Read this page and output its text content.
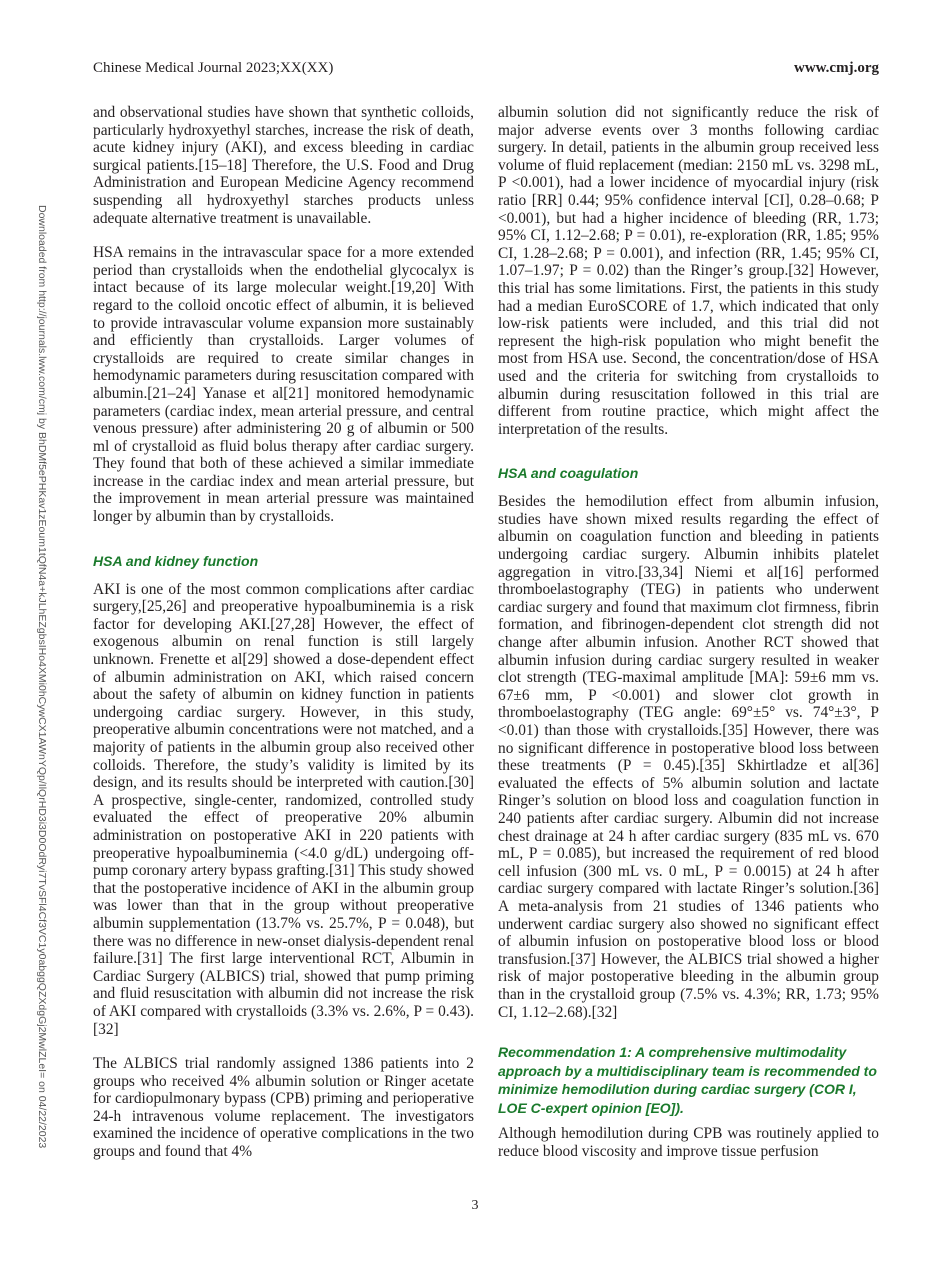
Chinese Medical Journal 2023;XX(XX)	www.cmj.org
Downloaded from http://journals.lww.com/cmj by BhDMf5ePHKav1zEoum1tQfN4a+kJLhEZgbsIHo4XMi0hCywCX1AWnYQp/IlQrHD3i3D0OdRyi7TvSFl4Cf3VC1y0abggQZXdgGj2MwlZLeI= on 04/22/2023

and observational studies have shown that synthetic colloids, particularly hydroxyethyl starches, increase the risk of death, acute kidney injury (AKI), and excess bleeding in cardiac surgical patients.[15–18] Therefore, the U.S. Food and Drug Administration and European Medicine Agency recommend suspending all hydroxyethyl starches products unless adequate alternative treatment is unavailable.

HSA remains in the intravascular space for a more extended period than crystalloids when the endothelial glycocalyx is intact because of its large molecular weight.[19,20] With regard to the colloid oncotic effect of albumin, it is believed to provide intravascular volume expansion more sustainably and efficiently than crystalloids. Larger volumes of crystalloids are required to create similar changes in hemodynamic parameters during resuscitation compared with albumin.[21–24] Yanase et al[21] monitored hemodynamic parameters (cardiac index, mean arterial pressure, and central venous pressure) after administering 20 g of albumin or 500 ml of crystalloid as fluid bolus therapy after cardiac surgery. They found that both of these achieved a similar immediate increase in the cardiac index and mean arterial pressure, but the improvement in mean arterial pressure was maintained longer by albumin than by crystalloids.

HSA and kidney function

AKI is one of the most common complications after cardiac surgery,[25,26] and preoperative hypoalbuminemia is a risk factor for developing AKI.[27,28] However, the effect of exogenous albumin on renal function is still largely unknown. Frenette et al[29] showed a dose-dependent effect of albumin administration on AKI, which raised concern about the safety of albumin on kidney function in patients undergoing cardiac surgery. However, in this study, preoperative albumin concentrations were not matched, and a majority of patients in the albumin group also received other colloids. Therefore, the study’s validity is limited by its design, and its results should be interpreted with caution.[30] A prospective, single-center, randomized, controlled study evaluated the effect of preoperative 20% albumin administration on postoperative AKI in 220 patients with preoperative hypoalbuminemia (<4.0 g/dL) undergoing off-pump coronary artery bypass grafting.[31] This study showed that the postoperative incidence of AKI in the albumin group was lower than that in the group without preoperative albumin supplementation (13.7% vs. 25.7%, P = 0.048), but there was no difference in new-onset dialysis-dependent renal failure.[31] The first large interventional RCT, Albumin in Cardiac Surgery (ALBICS) trial, showed that pump priming and fluid resuscitation with albumin did not increase the risk of AKI compared with crystalloids (3.3% vs. 2.6%, P = 0.43).[32]

The ALBICS trial randomly assigned 1386 patients into 2 groups who received 4% albumin solution or Ringer acetate for cardiopulmonary bypass (CPB) priming and perioperative 24-h intravenous volume replacement. The investigators examined the incidence of operative complications in the two groups and found that 4%

albumin solution did not significantly reduce the risk of major adverse events over 3 months following cardiac surgery. In detail, patients in the albumin group received less volume of fluid replacement (median: 2150 mL vs. 3298 mL, P <0.001), had a lower incidence of myocardial injury (risk ratio [RR] 0.44; 95% confidence interval [CI], 0.28–0.68; P <0.001), but had a higher incidence of bleeding (RR, 1.73; 95% CI, 1.12–2.68; P = 0.01), re-exploration (RR, 1.85; 95% CI, 1.28–2.68; P = 0.001), and infection (RR, 1.45; 95% CI, 1.07–1.97; P = 0.02) than the Ringer’s group.[32] However, this trial has some limitations. First, the patients in this study had a median EuroSCORE of 1.7, which indicated that only low-risk patients were included, and this trial did not represent the high-risk population who might benefit the most from HSA use. Second, the concentration/dose of HSA used and the criteria for switching from crystalloids to albumin during resuscitation followed in this trial are different from routine practice, which might affect the interpretation of the results.

HSA and coagulation

Besides the hemodilution effect from albumin infusion, studies have shown mixed results regarding the effect of albumin on coagulation function and bleeding in patients undergoing cardiac surgery. Albumin inhibits platelet aggregation in vitro.[33,34] Niemi et al[16] performed thromboelastography (TEG) in patients who underwent cardiac surgery and found that maximum clot firmness, fibrin formation, and fibrinogen-dependent clot strength did not change after albumin infusion. Another RCT showed that albumin infusion during cardiac surgery resulted in weaker clot strength (TEG-maximal amplitude [MA]: 59±6 mm vs. 67±6 mm, P <0.001) and slower clot growth in thromboelastography (TEG angle: 69°±5° vs. 74°±3°, P <0.01) than those with crystalloids.[35] However, there was no significant difference in postoperative blood loss between these treatments (P = 0.45).[35] Skhirtladze et al[36] evaluated the effects of 5% albumin solution and lactate Ringer’s solution on blood loss and coagulation function in 240 patients after cardiac surgery. Albumin did not increase chest drainage at 24 h after cardiac surgery (835 mL vs. 670 mL, P = 0.085), but increased the requirement of red blood cell infusion (300 mL vs. 0 mL, P = 0.0015) at 24 h after cardiac surgery compared with lactate Ringer’s solution.[36] A meta-analysis from 21 studies of 1346 patients who underwent cardiac surgery also showed no significant effect of albumin infusion on postoperative blood loss or blood transfusion.[37] However, the ALBICS trial showed a higher risk of major postoperative bleeding in the albumin group than in the crystalloid group (7.5% vs. 4.3%; RR, 1.73; 95% CI, 1.12–2.68).[32]

Recommendation 1: A comprehensive multimodality approach by a multidisciplinary team is recommended to minimize hemodilution during cardiac surgery (COR I, LOE C-expert opinion [EO]).

Although hemodilution during CPB was routinely applied to reduce blood viscosity and improve tissue perfusion

3
